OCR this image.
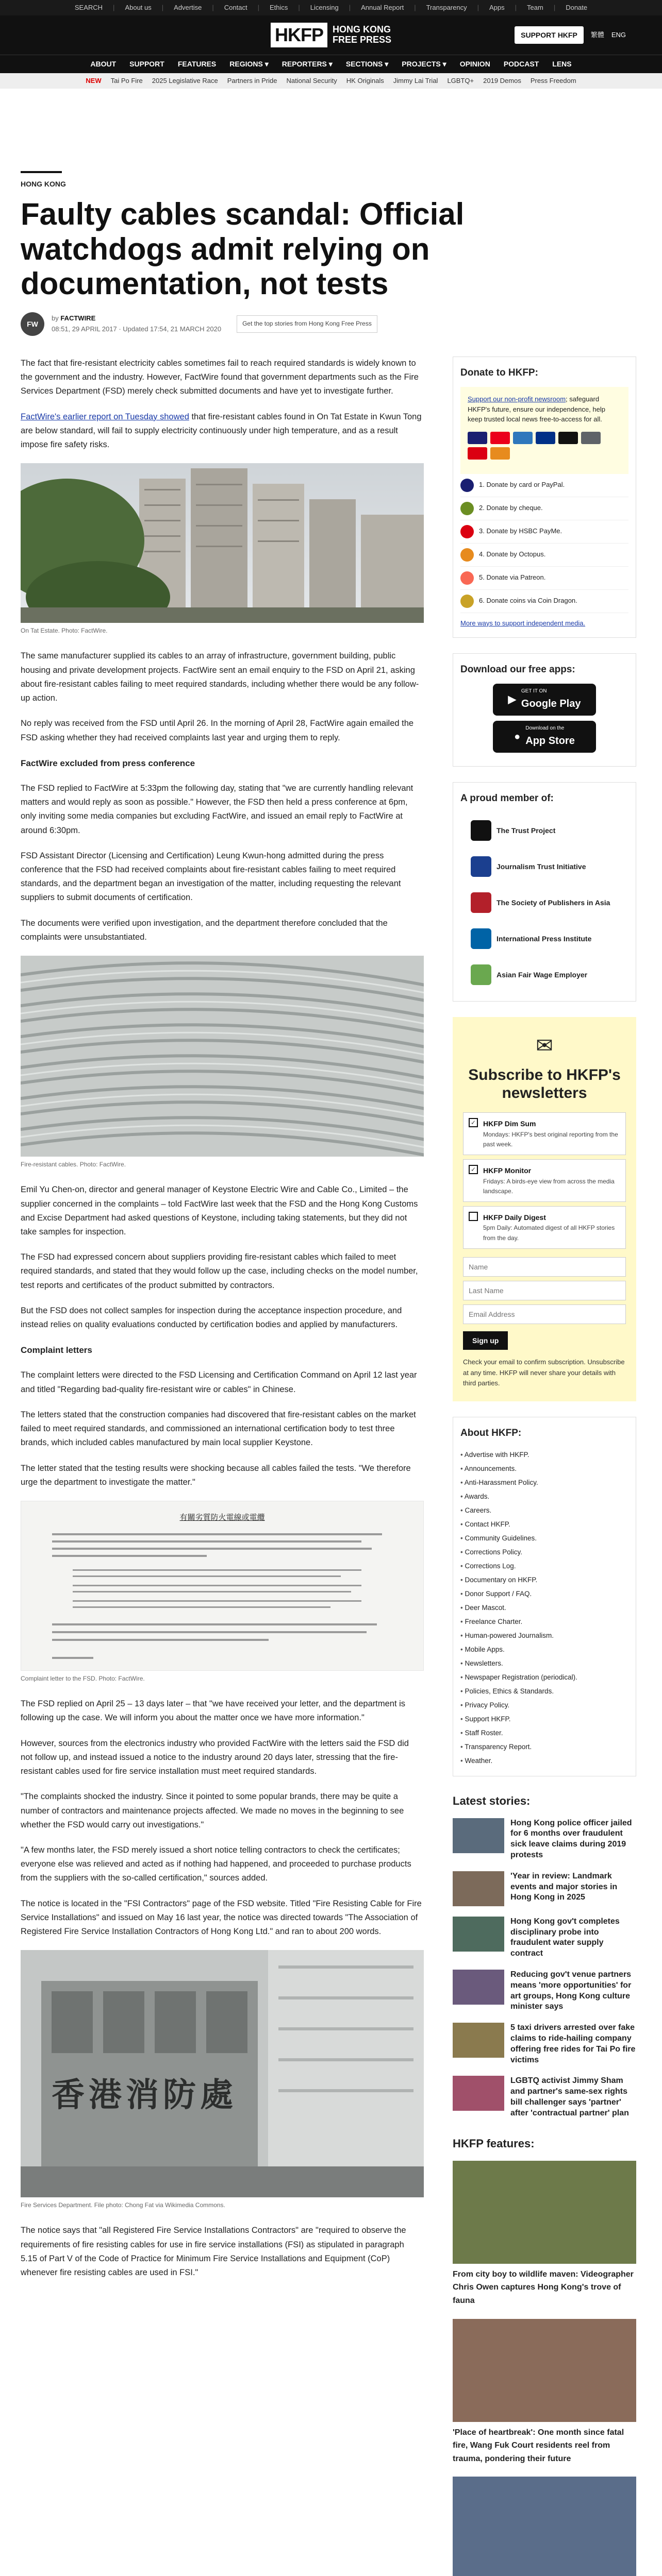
SEARCH | About us | Advertise | Contact | Ethics | Licensing | Annual Report | Transparency | Apps | Team | Donate
HKFP	HONG KONG
FREE PRESS	SUPPORT HKFP	繁體 ENG
ABOUT SUPPORT FEATURES REGIONS ▾ REPORTERS ▾ SECTIONS ▾ PROJECTS ▾ OPINION PODCAST LENS
NEW Tai Po Fire 2025 Legislative Race Partners in Pride National Security HK Originals Jimmy Lai Trial LGBTQ+ 2019 Demos Press Freedom
HONG KONG
Faulty cables scandal: Official watchdogs admit relying on documentation, not tests
FW
by FACTWIRE
08:51, 29 APRIL 2017 · Updated 17:54, 21 MARCH 2020
Get the top stories from Hong Kong Free Press

The fact that fire-resistant electricity cables sometimes fail to reach required standards is widely known to the government and the industry. However, FactWire found that government departments such as the Fire Services Department (FSD) merely check submitted documents and have yet to investigate further.

FactWire's earlier report on Tuesday showed that fire-resistant cables found in On Tat Estate in Kwun Tong are below standard, will fail to supply electricity continuously under high temperature, and as a result impose fire safety risks.

On Tat Estate. Photo: FactWire.

The same manufacturer supplied its cables to an array of infrastructure, government building, public housing and private development projects. FactWire sent an email enquiry to the FSD on April 21, asking about fire-resistant cables failing to meet required standards, including whether there would be any follow-up action.

No reply was received from the FSD until April 26. In the morning of April 28, FactWire again emailed the FSD asking whether they had received complaints last year and urging them to reply.

FactWire excluded from press conference

The FSD replied to FactWire at 5:33pm the following day, stating that "we are currently handling relevant matters and would reply as soon as possible." However, the FSD then held a press conference at 6pm, only inviting some media companies but excluding FactWire, and issued an email reply to FactWire at around 6:30pm.

FSD Assistant Director (Licensing and Certification) Leung Kwun-hong admitted during the press conference that the FSD had received complaints about fire-resistant cables failing to meet required standards, and the department began an investigation of the matter, including requesting the relevant suppliers to submit documents of certification.

The documents were verified upon investigation, and the department therefore concluded that the complaints were unsubstantiated.

Fire-resistant cables. Photo: FactWire.

Emil Yu Chen-on, director and general manager of Keystone Electric Wire and Cable Co., Limited – the supplier concerned in the complaints – told FactWire last week that the FSD and the Hong Kong Customs and Excise Department had asked questions of Keystone, including taking statements, but they did not take samples for inspection.

The FSD had expressed concern about suppliers providing fire-resistant cables which failed to meet required standards, and stated that they would follow up the case, including checks on the model number, test reports and certificates of the product submitted by contractors.

But the FSD does not collect samples for inspection during the acceptance inspection procedure, and instead relies on quality evaluations conducted by certification bodies and applied by manufacturers.

Complaint letters

The complaint letters were directed to the FSD Licensing and Certification Command on April 12 last year and titled "Regarding bad-quality fire-resistant wire or cables" in Chinese.

The letters stated that the construction companies had discovered that fire-resistant cables on the market failed to meet required standards, and commissioned an international certification body to test three brands, which included cables manufactured by main local supplier Keystone.

The letter stated that the testing results were shocking because all cables failed the tests. "We therefore urge the department to investigate the matter."

有關劣質防火電線或電纜
Complaint letter to the FSD. Photo: FactWire.

The FSD replied on April 25 – 13 days later – that "we have received your letter, and the department is following up the case. We will inform you about the matter once we have more information."

However, sources from the electronics industry who provided FactWire with the letters said the FSD did not follow up, and instead issued a notice to the industry around 20 days later, stressing that the fire-resistant cables used for fire service installation must meet required standards.

"The complaints shocked the industry. Since it pointed to some popular brands, there may be quite a number of contractors and maintenance projects affected. We made no moves in the beginning to see whether the FSD would carry out investigations."

"A few months later, the FSD merely issued a short notice telling contractors to check the certificates; everyone else was relieved and acted as if nothing had happened, and proceeded to purchase products from the suppliers with the so-called certification," sources added.

The notice is located in the "FSI Contractors" page of the FSD website. Titled "Fire Resisting Cable for Fire Service Installations" and issued on May 16 last year, the notice was directed towards "The Association of Registered Fire Service Installation Contractors of Hong Kong Ltd." and ran to about 200 words.

香港消防處
Fire Services Department. File photo: Chong Fat via Wikimedia Commons.

The notice says that "all Registered Fire Service Installations Contractors" are "required to observe the requirements of fire resisting cables for use in fire service installations (FSI) as stipulated in paragraph 5.15 of Part V of the Code of Practice for Minimum Fire Service Installations and Equipment (CoP) whenever fire resisting cables are used in FSI."

Donate to HKFP:
Support our non-profit newsroom; safeguard HKFP's future, ensure our independence, help keep trusted local news free-to-access for all.
1. Donate by card or PayPal.
2. Donate by cheque.
3. Donate by HSBC PayMe.
4. Donate by Octopus.
5. Donate via Patreon.
6. Donate coins via Coin Dragon.
More ways to support independent media.
Download our free apps:
▶
GET IT ON
Google Play
●
Download on the
App Store
A proud member of:
The Trust Project
Journalism Trust Initiative
The Society of Publishers in Asia
International Press Institute
Asian Fair Wage Employer
✉
Subscribe to HKFP's newsletters
✓ HKFP Dim Sum
Mondays: HKFP's best original reporting from the past week.
✓ HKFP Monitor
Fridays: A birds-eye view from across the media landscape.
HKFP Daily Digest
5pm Daily: Automated digest of all HKFP stories from the day.
Name Last Name Email Address
Sign up
Check your email to confirm subscription. Unsubscribe at any time. HKFP will never share your details with third parties.
About HKFP:
• Advertise with HKFP.
• Announcements.
• Anti-Harassment Policy.
• Awards.
• Careers.
• Contact HKFP.
• Community Guidelines.
• Corrections Policy.
• Corrections Log.
• Documentary on HKFP.
• Donor Support / FAQ.
• Deer Mascot.
• Freelance Charter.
• Human-powered Journalism.
• Mobile Apps.
• Newsletters.
• Newspaper Registration (periodical).
• Policies, Ethics & Standards.
• Privacy Policy.
• Support HKFP.
• Staff Roster.
• Transparency Report.
• Weather.
Latest stories:
Hong Kong police officer jailed for 6 months over fraudulent sick leave claims during 2019 protests
'Year in review: Landmark events and major stories in Hong Kong in 2025
Hong Kong gov't completes disciplinary probe into fraudulent water supply contract
Reducing gov't venue partners means 'more opportunities' for art groups, Hong Kong culture minister says
5 taxi drivers arrested over fake claims to ride-hailing company offering free rides for Tai Po fire victims
LGBTQ activist Jimmy Sham and partner's same-sex rights bill challenger says 'partner' after 'contractual partner' plan
HKFP features:
From city boy to wildlife maven: Videographer Chris Owen captures Hong Kong's trove of fauna
'Place of heartbreak': One month since fatal fire, Wang Fuk Court residents reel from trauma, pondering their future
